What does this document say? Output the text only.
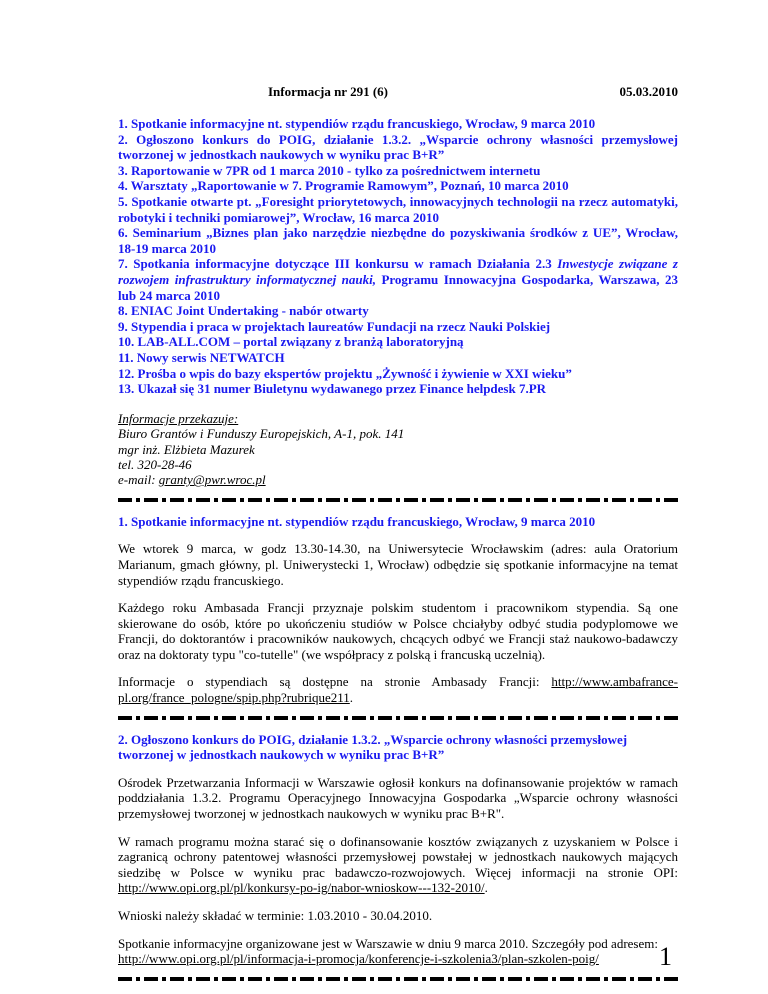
Informacja nr 291 (6)	05.03.2010
1. Spotkanie informacyjne nt. stypendiów rządu francuskiego, Wrocław, 9 marca 2010
2. Ogłoszono konkurs do POIG, działanie 1.3.2. „Wsparcie ochrony własności przemysłowej tworzonej w jednostkach naukowych w wyniku prac B+R”
3. Raportowanie w 7PR od 1 marca 2010 - tylko za pośrednictwem internetu
4. Warsztaty „Raportowanie w 7. Programie Ramowym”, Poznań, 10 marca 2010
5. Spotkanie otwarte pt. „Foresight priorytetowych, innowacyjnych technologii na rzecz automatyki, robotyki i techniki pomiarowej”, Wrocław, 16 marca 2010
6. Seminarium „Biznes plan jako narzędzie niezbędne do pozyskiwania środków z UE”, Wrocław, 18-19 marca 2010
7. Spotkania informacyjne dotyczące III konkursu w ramach Działania 2.3 Inwestycje związane z rozwojem infrastruktury informatycznej nauki, Programu Innowacyjna Gospodarka, Warszawa, 23 lub 24 marca 2010
8. ENIAC Joint Undertaking - nabór otwarty
9. Stypendia i praca w projektach laureatów Fundacji na rzecz Nauki Polskiej
10. LAB-ALL.COM – portal związany z branżą laboratoryjną
11. Nowy serwis NETWATCH
12. Prośba o wpis do bazy ekspertów projektu „Żywność i żywienie w XXI wieku”
13. Ukazał się 31 numer Biuletynu wydawanego przez Finance helpdesk 7.PR
Informacje przekazuje:
Biuro Grantów i Funduszy Europejskich, A-1, pok. 141
mgr inż. Elżbieta Mazurek
tel. 320-28-46
e-mail: granty@pwr.wroc.pl
1. Spotkanie informacyjne nt. stypendiów rządu francuskiego, Wrocław, 9 marca 2010

We wtorek 9 marca, w godz 13.30-14.30, na Uniwersytecie Wrocławskim (adres: aula Oratorium Marianum, gmach główny, pl. Uniwerystecki 1, Wrocław) odbędzie się spotkanie informacyjne na temat stypendiów rządu francuskiego.

Każdego roku Ambasada Francji przyznaje polskim studentom i pracownikom stypendia. Są one skierowane do osób, które po ukończeniu studiów w Polsce chciałyby odbyć studia podyplomowe we Francji, do doktorantów i pracowników naukowych, chcących odbyć we Francji staż naukowo-badawczy oraz na doktoraty typu "co-tutelle" (we współpracy z polską i francuską uczelnią).

Informacje o stypendiach są dostępne na stronie Ambasady Francji: http://www.ambafrance-
pl.org/france_pologne/spip.php?rubrique211.

2. Ogłoszono konkurs do POIG, działanie 1.3.2. „Wsparcie ochrony własności przemysłowej tworzonej w jednostkach naukowych w wyniku prac B+R”

Ośrodek Przetwarzania Informacji w Warszawie ogłosił konkurs na dofinansowanie projektów w ramach poddziałania 1.3.2. Programu Operacyjnego Innowacyjna Gospodarka „Wsparcie ochrony własności przemysłowej tworzonej w jednostkach naukowych w wyniku prac B+R".

W ramach programu można starać się o dofinansowanie kosztów związanych z uzyskaniem w Polsce i zagranicą ochrony patentowej własności przemysłowej powstałej w jednostkach naukowych mających siedzibę w Polsce w wyniku prac badawczo-rozwojowych. Więcej informacji na stronie OPI: http://www.opi.org.pl/pl/konkursy-po-ig/nabor-wnioskow---132-2010/.

Wnioski należy składać w terminie: 1.03.2010 - 30.04.2010.

Spotkanie informacyjne organizowane jest w Warszawie w dniu 9 marca 2010. Szczegóły pod adresem:
http://www.opi.org.pl/pl/informacja-i-promocja/konferencje-i-szkolenia3/plan-szkolen-poig/	1
